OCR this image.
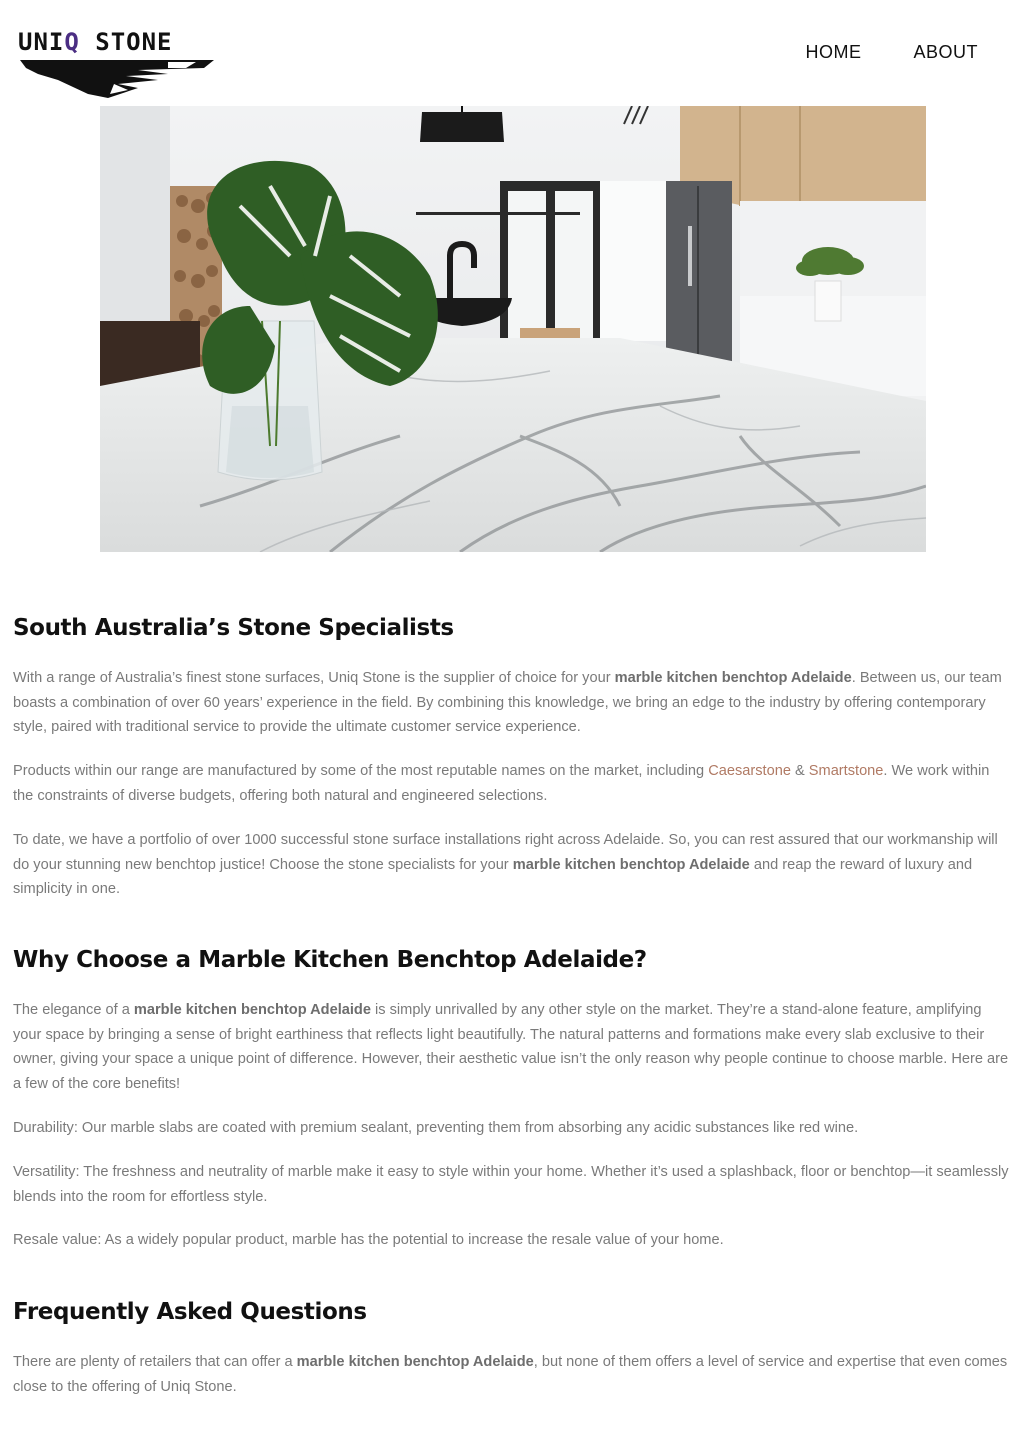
UNIQ STONE	HOME	ABOUT
South Australia’s Stone Specialists

With a range of Australia’s finest stone surfaces, Uniq Stone is the supplier of choice for your marble kitchen benchtop Adelaide. Between us, our team boasts a combination of over 60 years’ experience in the field. By combining this knowledge, we bring an edge to the industry by offering contemporary style, paired with traditional service to provide the ultimate customer service experience.

Products within our range are manufactured by some of the most reputable names on the market, including Caesarstone & Smartstone. We work within the constraints of diverse budgets, offering both natural and engineered selections.

To date, we have a portfolio of over 1000 successful stone surface installations right across Adelaide. So, you can rest assured that our workmanship will do your stunning new benchtop justice! Choose the stone specialists for your marble kitchen benchtop Adelaide and reap the reward of luxury and simplicity in one.

Why Choose a Marble Kitchen Benchtop Adelaide?

The elegance of a marble kitchen benchtop Adelaide is simply unrivalled by any other style on the market. They’re a stand-alone feature, amplifying your space by bringing a sense of bright earthiness that reflects light beautifully. The natural patterns and formations make every slab exclusive to their owner, giving your space a unique point of difference. However, their aesthetic value isn’t the only reason why people continue to choose marble. Here are a few of the core benefits!

Durability: Our marble slabs are coated with premium sealant, preventing them from absorbing any acidic substances like red wine.

Versatility: The freshness and neutrality of marble make it easy to style within your home. Whether it’s used a splashback, floor or benchtop—it seamlessly blends into the room for effortless style.

Resale value: As a widely popular product, marble has the potential to increase the resale value of your home.

Frequently Asked Questions

There are plenty of retailers that can offer a marble kitchen benchtop Adelaide, but none of them offers a level of service and expertise that even comes close to the offering of Uniq Stone.
